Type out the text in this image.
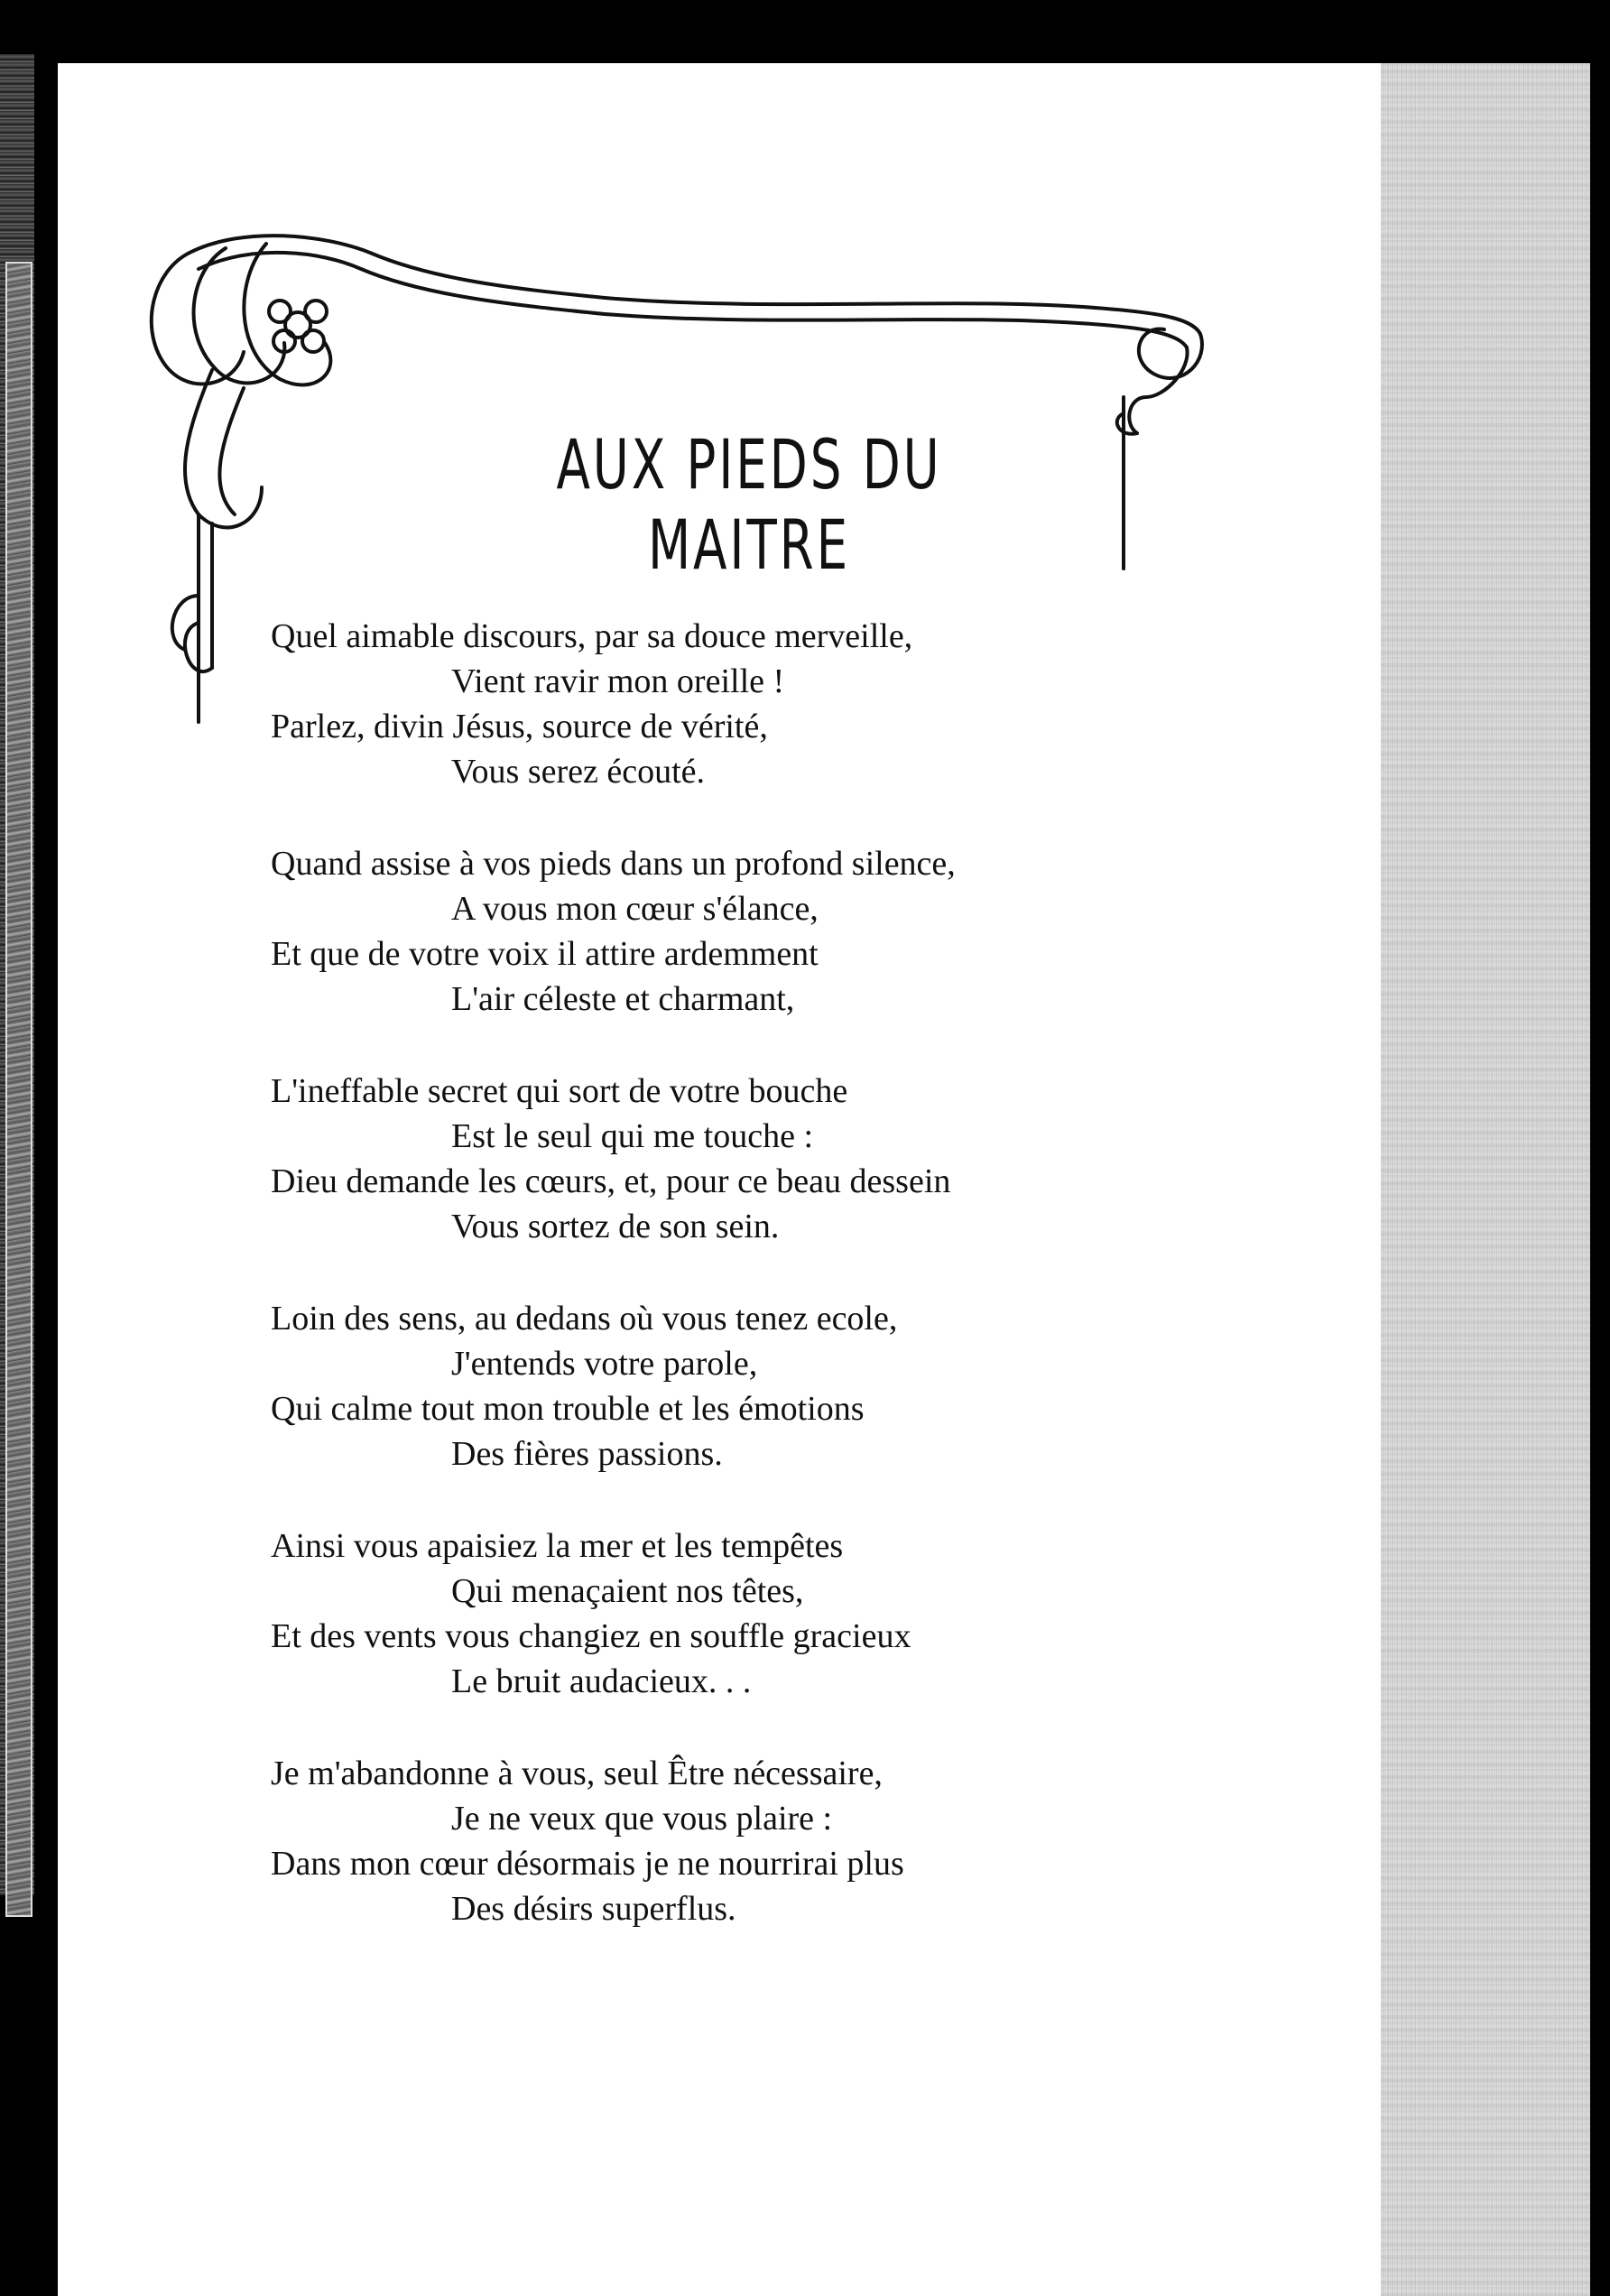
AUX PIEDS DU MAITRE
Quel aimable discours, par sa douce merveille,
Vient ravir mon oreille !
Parlez, divin Jésus, source de vérité,
Vous serez écouté.
Quand assise à vos pieds dans un profond silence,
A vous mon cœur s'élance,
Et que de votre voix il attire ardemment
L'air céleste et charmant,
L'ineffable secret qui sort de votre bouche
Est le seul qui me touche :
Dieu demande les cœurs, et, pour ce beau dessein
Vous sortez de son sein.
Loin des sens, au dedans où vous tenez ecole,
J'entends votre parole,
Qui calme tout mon trouble et les émotions
Des fières passions.
Ainsi vous apaisiez la mer et les tempêtes
Qui menaçaient nos têtes,
Et des vents vous changiez en souffle gracieux
Le bruit audacieux. . .
Je m'abandonne à vous, seul Être nécessaire,
Je ne veux que vous plaire :
Dans mon cœur désormais je ne nourrirai plus
Des désirs superflus.
